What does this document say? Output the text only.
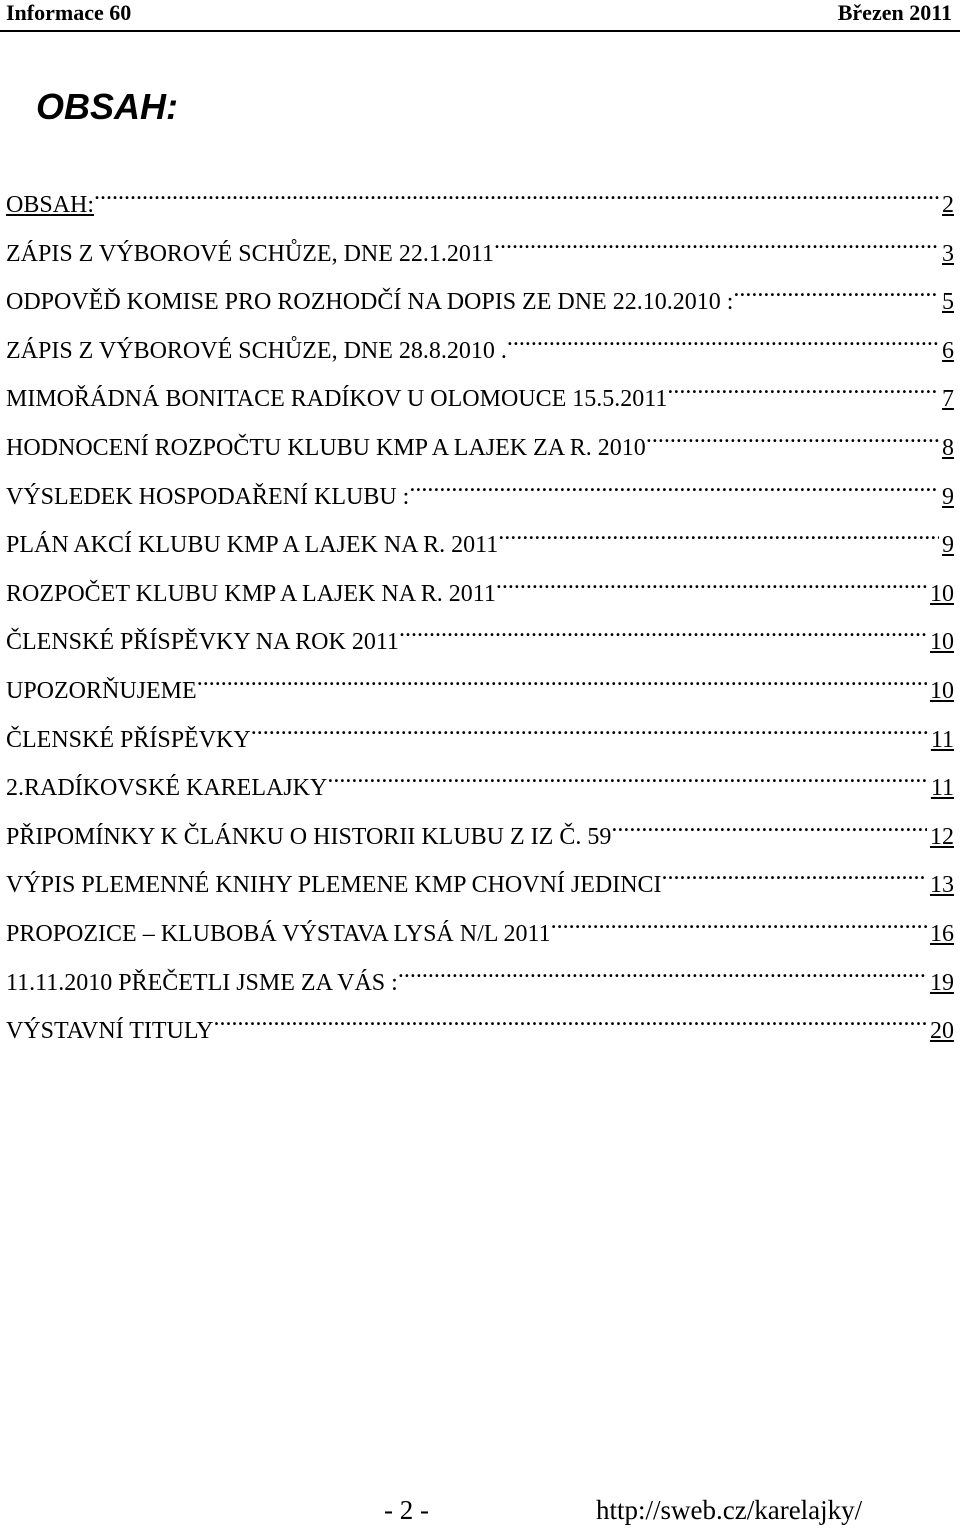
Informace 60	Březen 2011
OBSAH:
OBSAH: .....	2
ZÁPIS Z VÝBOROVÉ SCHŮZE, DNE 22.1.2011 .....	3
ODPOVĚĎ KOMISE PRO ROZHODČÍ NA DOPIS ZE DNE 22.10.2010 : .....	5
ZÁPIS Z VÝBOROVÉ SCHŮZE, DNE 28.8.2010 . .....	6
MIMOŘÁDNÁ BONITACE RADÍKOV U OLOMOUCE 15.5.2011 .....	7
HODNOCENÍ ROZPOČTU KLUBU KMP A LAJEK ZA R. 2010 .....	8
VÝSLEDEK HOSPODAŘENÍ KLUBU : .....	9
PLÁN AKCÍ KLUBU KMP A LAJEK NA R. 2011 .....	9
ROZPOČET KLUBU KMP A LAJEK NA R. 2011 .....	10
ČLENSKÉ PŘÍSPĚVKY NA ROK 2011 .....	10
UPOZORŇUJEME .....	10
ČLENSKÉ PŘÍSPĚVKY .....	11
2.RADÍKOVSKÉ KARELAJKY .....	11
PŘIPOMÍNKY K ČLÁNKU O HISTORII KLUBU Z IZ Č. 59 .....	12
VÝPIS PLEMENNÉ KNIHY PLEMENE KMP CHOVNÍ JEDINCI .....	13
PROPOZICE – KLUBOBÁ VÝSTAVA LYSÁ N/L 2011 .....	16
11.11.2010 PŘEČETLI JSME ZA VÁS : .....	19
VÝSTAVNÍ TITULY .....	20
- 2 -	http://sweb.cz/karelajky/
